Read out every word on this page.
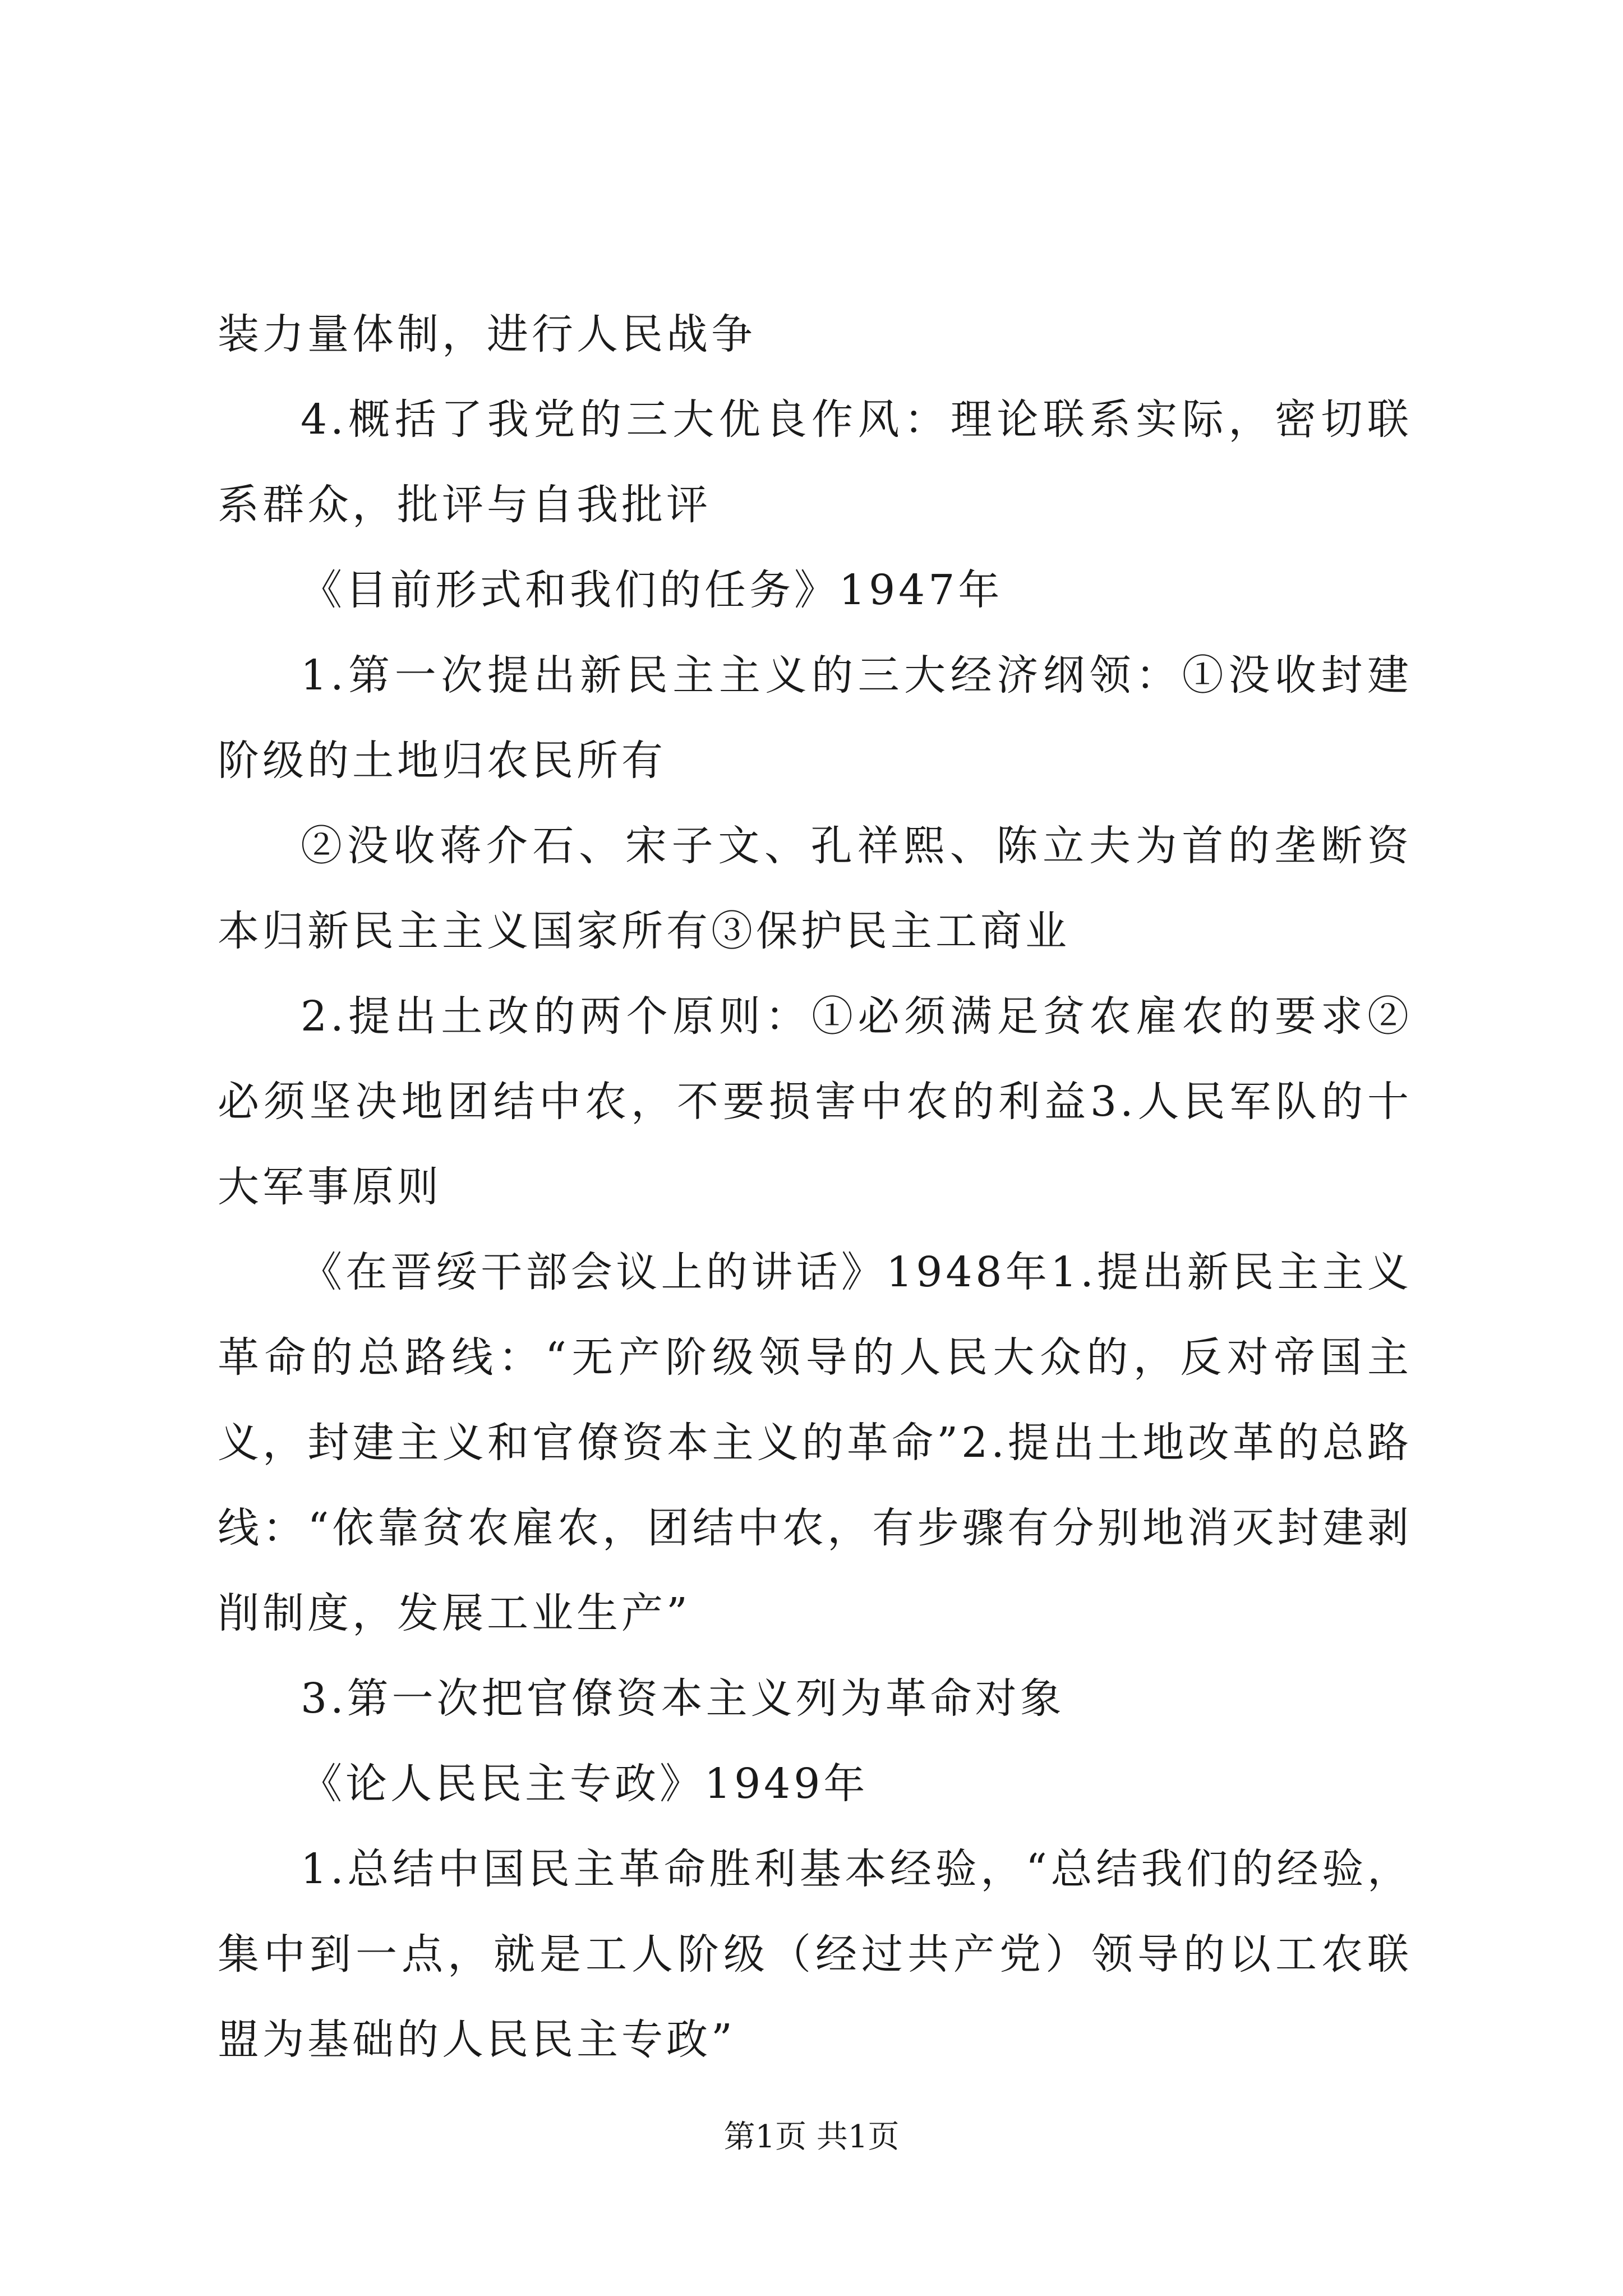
装力量体制，进行人民战争

4.概括了我党的三大优良作风：理论联系实际，密切联系群众，批评与自我批评

《目前形式和我们的任务》1947年

1.第一次提出新民主主义的三大经济纲领：①没收封建阶级的土地归农民所有

②没收蒋介石、宋子文、孔祥熙、陈立夫为首的垄断资本归新民主主义国家所有③保护民主工商业

2.提出土改的两个原则：①必须满足贫农雇农的要求②必须坚决地团结中农，不要损害中农的利益3.人民军队的十大军事原则

《在晋绥干部会议上的讲话》1948年1.提出新民主主义革命的总路线：“无产阶级领导的人民大众的，反对帝国主义，封建主义和官僚资本主义的革命”2.提出土地改革的总路线：“依靠贫农雇农，团结中农，有步骤有分别地消灭封建剥削制度，发展工业生产”

3.第一次把官僚资本主义列为革命对象

《论人民民主专政》1949年

1.总结中国民主革命胜利基本经验，“总结我们的经验，集中到一点，就是工人阶级（经过共产党）领导的以工农联盟为基础的人民民主专政”

第1页 共1页
